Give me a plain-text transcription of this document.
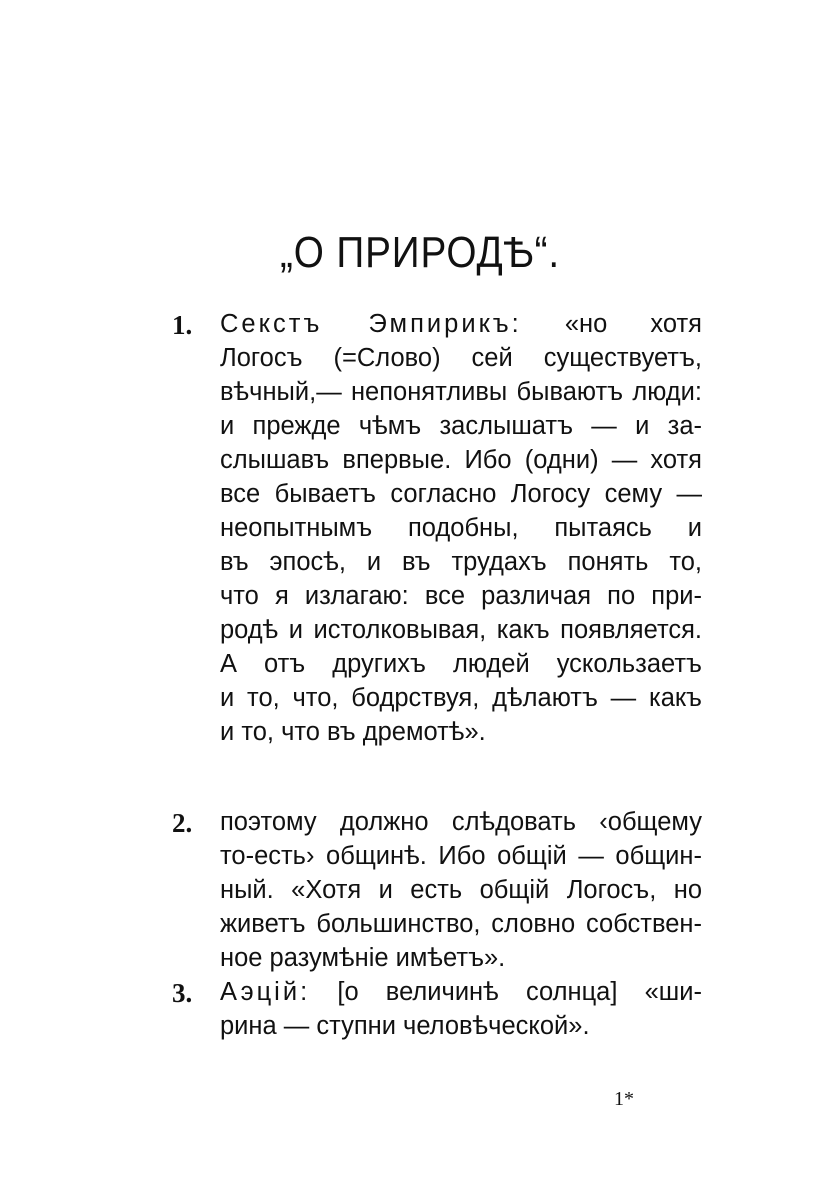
„О ПРИРОДѢ“.
1. Секстъ Эмпирикъ: «но хотя
Логосъ (=Слово) сей существуетъ,
вѣчный,— непонятливы бываютъ люди:
и прежде чѣмъ заслышатъ — и за-
слышавъ впервые. Ибо (одни) — хотя
все бываетъ согласно Логосу сему —
неопытнымъ подобны, пытаясь и
въ эпосѣ, и въ трудахъ понять то,
что я излагаю: все различая по при-
родѣ и истолковывая, какъ появляется.
А отъ другихъ людей ускользаетъ
и то, что, бодрствуя, дѣлаютъ — какъ
и то, что въ дремотѣ».
2. поэтому должно слѣдовать ‹общему
то-есть› общинѣ. Ибо общій — общин-
ный. «Хотя и есть общій Логосъ, но
живетъ большинство, словно собствен-
ное разумѣніе имѣетъ».
3. Аэцій: [о величинѣ солнца] «ши-
рина — ступни человѣческой».
1*
